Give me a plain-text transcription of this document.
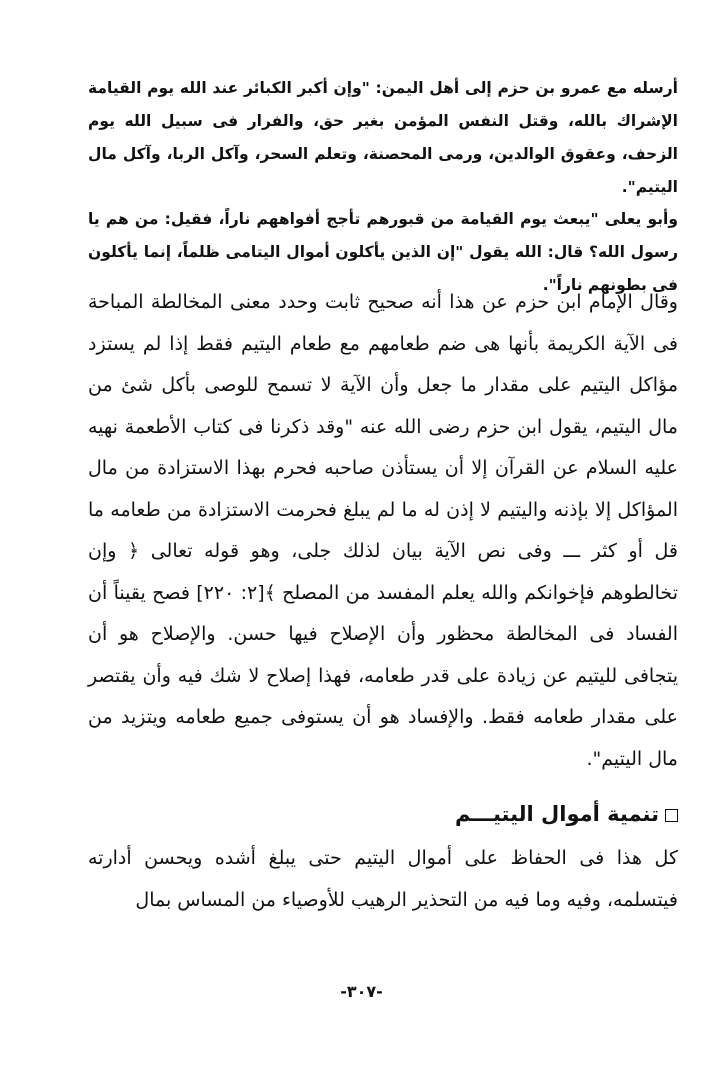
أرسله مع عمرو بن حزم إلى أهل اليمن: "وإن أكبر الكبائر عند الله يوم القيامة الإشراك بالله، وقتل النفس المؤمن بغير حق، والفرار فى سبيل الله يوم الزحف، وعقوق الوالدين، ورمى المحصنة، وتعلم السحر، وآكل الربا، وآكل مال اليتيم".

وأبو يعلى "يبعث يوم القيامة من قبورهم تأجج أفواههم ناراً، فقيل: من هم يا رسول الله؟ قال: الله يقول "إن الذين يأكلون أموال اليتامى ظلماً، إنما يأكلون فى بطونهم ناراً".

وقال الإمام ابن حزم عن هذا أنه صحيح ثابت وحدد معنى المخالطة المباحة فى الآية الكريمة بأنها هى ضم طعامهم مع طعام اليتيم فقط إذا لم يستزد مؤاكل اليتيم على مقدار ما جعل وأن الآية لا تسمح للوصى بأكل شئ من مال اليتيم، يقول ابن حزم رضى الله عنه "وقد ذكرنا فى كتاب الأطعمة نهيه عليه السلام عن القرآن إلا أن يستأذن صاحبه فحرم بهذا الاستزادة من مال المؤاكل إلا بإذنه واليتيم لا إذن له ما لم يبلغ فحرمت الاستزادة من طعامه ما قل أو كثر ـــ وفى نص الآية بيان لذلك جلى، وهو قوله تعالى ﴿ وإن تخالطوهم فإخوانكم والله يعلم المفسد من المصلح ﴾[٢: ٢٢٠] فصح يقيناً أن الفساد فى المخالطة محظور وأن الإصلاح فيها حسن. والإصلاح هو أن يتجافى لليتيم عن زيادة على قدر طعامه، فهذا إصلاح لا شك فيه وأن يقتصر على مقدار طعامه فقط. والإفساد هو أن يستوفى جميع طعامه ويتزيد من مال اليتيم".

تنمية أموال اليتيـــم

كل هذا فى الحفاظ على أموال اليتيم حتى يبلغ أشده ويحسن أدارته فيتسلمه، وفيه وما فيه من التحذير الرهيب للأوصياء من المساس بمال

-٣٠٧-
